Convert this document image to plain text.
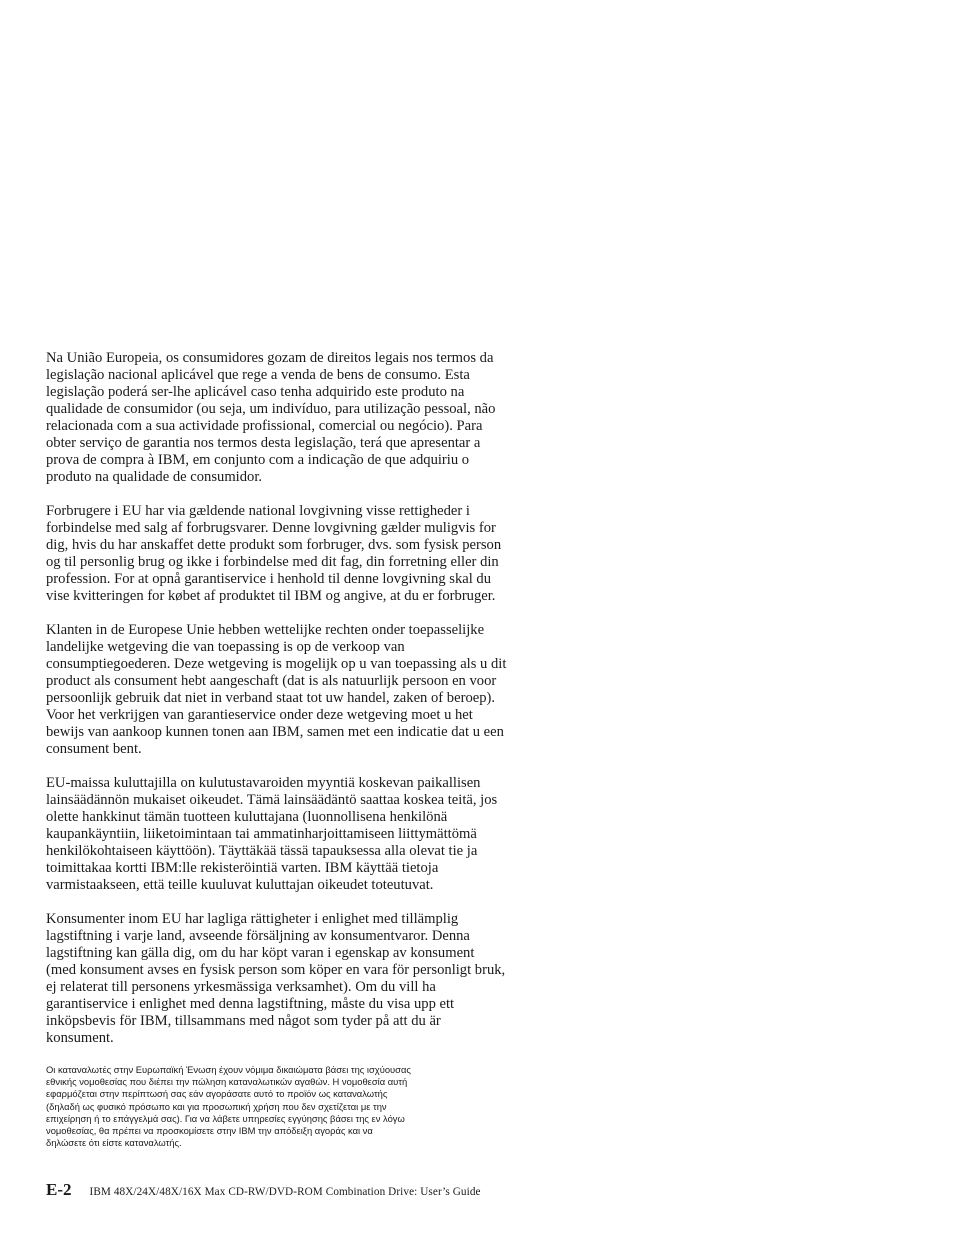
Na União Europeia, os consumidores gozam de direitos legais nos termos da
legislação nacional aplicável que rege a venda de bens de consumo. Esta
legislação poderá ser-lhe aplicável caso tenha adquirido este produto na
qualidade de consumidor (ou seja, um indivíduo, para utilização pessoal, não
relacionada com a sua actividade profissional, comercial ou negócio). Para
obter serviço de garantia nos termos desta legislação, terá que apresentar a
prova de compra à IBM, em conjunto com a indicação de que adquiriu o
produto na qualidade de consumidor.
Forbrugere i EU har via gældende national lovgivning visse rettigheder i
forbindelse med salg af forbrugsvarer. Denne lovgivning gælder muligvis for
dig, hvis du har anskaffet dette produkt som forbruger, dvs. som fysisk person
og til personlig brug og ikke i forbindelse med dit fag, din forretning eller din
profession. For at opnå garantiservice i henhold til denne lovgivning skal du
vise kvitteringen for købet af produktet til IBM og angive, at du er forbruger.
Klanten in de Europese Unie hebben wettelijke rechten onder toepasselijke
landelijke wetgeving die van toepassing is op de verkoop van
consumptiegoederen. Deze wetgeving is mogelijk op u van toepassing als u dit
product als consument hebt aangeschaft (dat is als natuurlijk persoon en voor
persoonlijk gebruik dat niet in verband staat tot uw handel, zaken of beroep).
Voor het verkrijgen van garantieservice onder deze wetgeving moet u het
bewijs van aankoop kunnen tonen aan IBM, samen met een indicatie dat u een
consument bent.
EU-maissa kuluttajilla on kulutustavaroiden myyntiä koskevan paikallisen
lainsäädännön mukaiset oikeudet. Tämä lainsäädäntö saattaa koskea teitä, jos
olette hankkinut tämän tuotteen kuluttajana (luonnollisena henkilönä
kaupankäyntiin, liiketoimintaan tai ammatinharjoittamiseen liittymättömä
henkilökohtaiseen käyttöön). Täyttäkää tässä tapauksessa alla olevat tie ja
toimittakaa kortti IBM:lle rekisteröintiä varten. IBM käyttää tietoja
varmistaakseen, että teille kuuluvat kuluttajan oikeudet toteutuvat.
Konsumenter inom EU har lagliga rättigheter i enlighet med tillämplig
lagstiftning i varje land, avseende försäljning av konsumentvaror. Denna
lagstiftning kan gälla dig, om du har köpt varan i egenskap av konsument
(med konsument avses en fysisk person som köper en vara för personligt bruk,
ej relaterat till personens yrkesmässiga verksamhet). Om du vill ha
garantiservice i enlighet med denna lagstiftning, måste du visa upp ett
inköpsbevis för IBM, tillsammans med något som tyder på att du är
konsument.
Οι καταναλωτές στην Ευρωπαϊκή Ένωση έχουν νόμιμα δικαιώματα βάσει της ισχύουσας
εθνικής νομοθεσίας που διέπει την πώληση καταναλωτικών αγαθών. Η νομοθεσία αυτή
εφαρμόζεται στην περίπτωσή σας εάν αγοράσατε αυτό το προϊόν ως καταναλωτής
(δηλαδή ως φυσικό πρόσωπο και για προσωπική χρήση που δεν σχετίζεται με την
επιχείρηση ή το επάγγελμά σας). Για να λάβετε υπηρεσίες εγγύησης βάσει της εν λόγω
νομοθεσίας, θα πρέπει να προσκομίσετε στην IBM την απόδειξη αγοράς και να
δηλώσετε ότι είστε καταναλωτής.
E-2 IBM 48X/24X/48X/16X Max CD-RW/DVD-ROM Combination Drive: User’s Guide
